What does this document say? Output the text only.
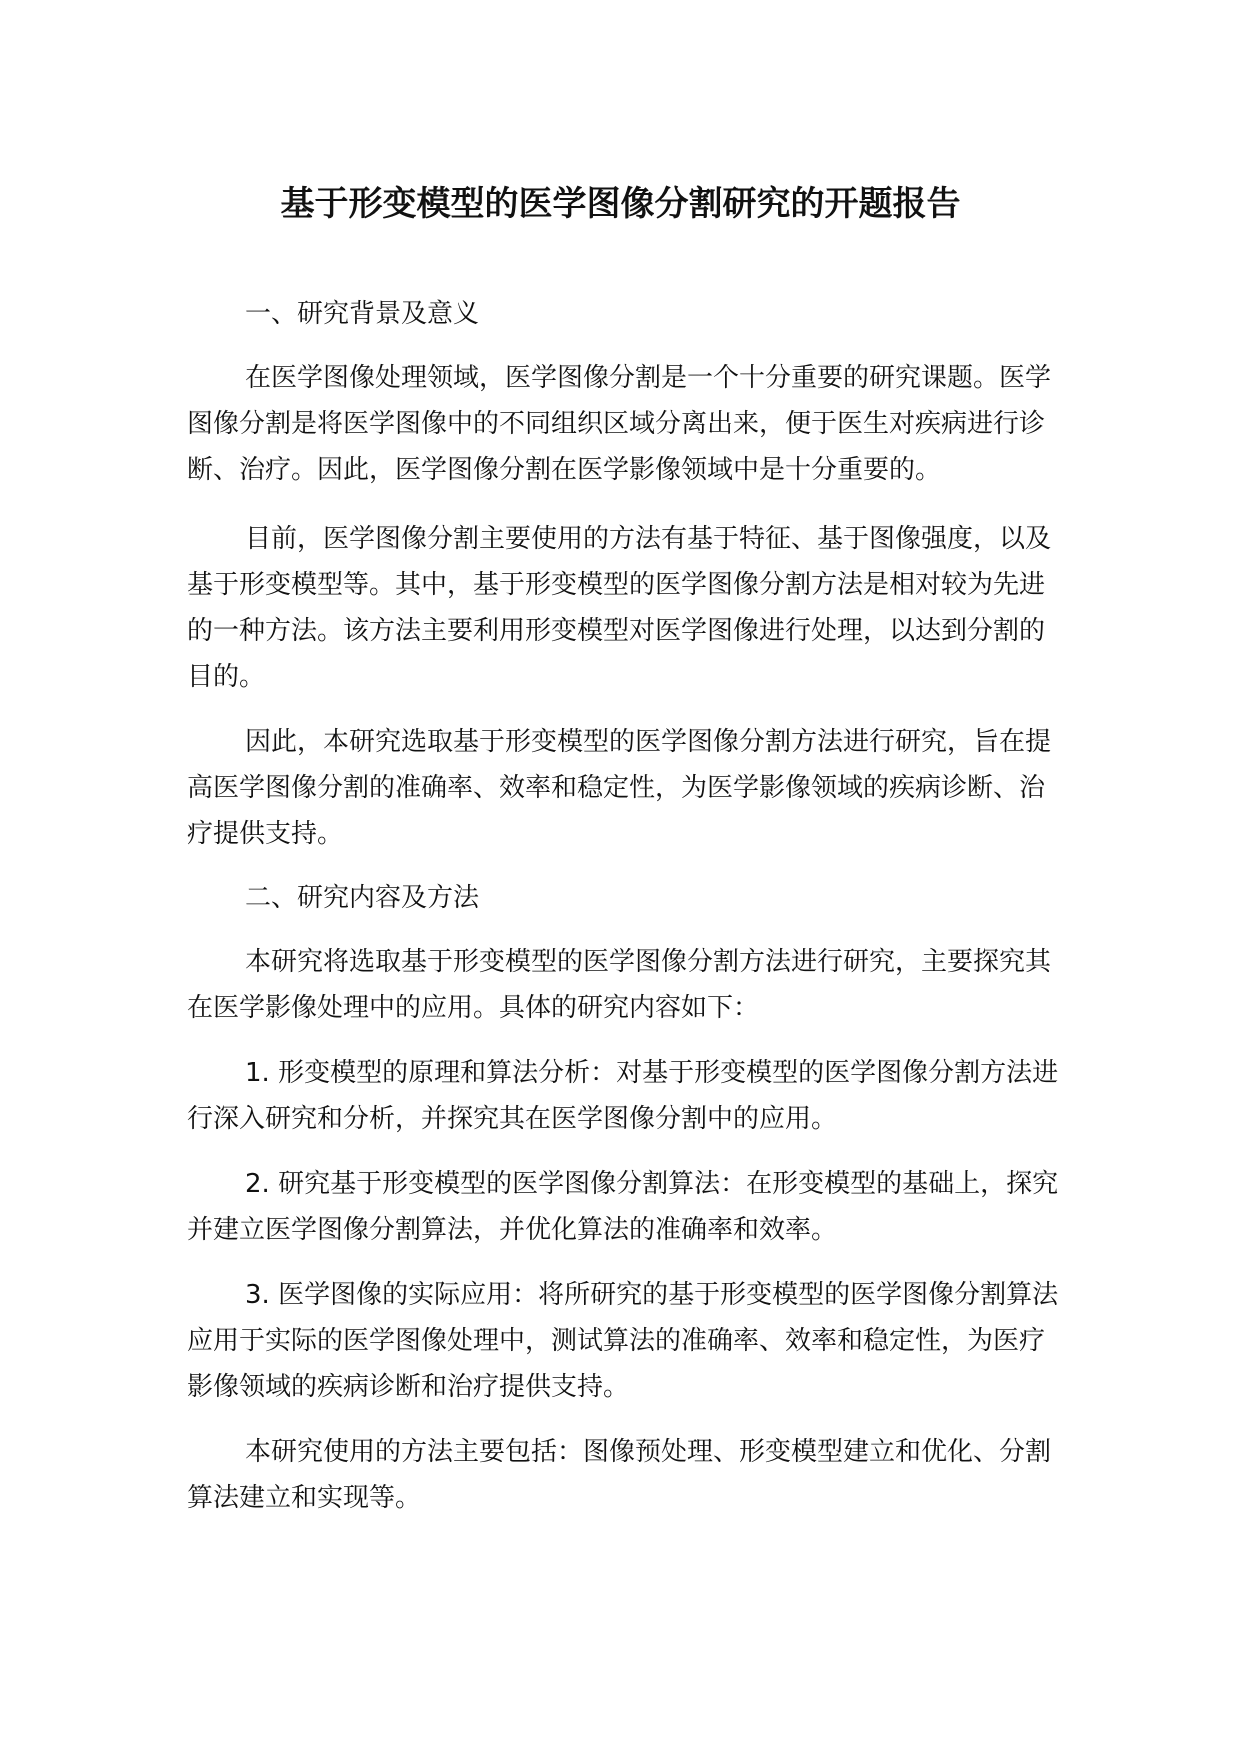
基于形变模型的医学图像分割研究的开题报告

一、研究背景及意义

在医学图像处理领域，医学图像分割是一个十分重要的研究课题。医学图像分割是将医学图像中的不同组织区域分离出来，便于医生对疾病进行诊断、治疗。因此，医学图像分割在医学影像领域中是十分重要的。

目前，医学图像分割主要使用的方法有基于特征、基于图像强度，以及基于形变模型等。其中，基于形变模型的医学图像分割方法是相对较为先进的一种方法。该方法主要利用形变模型对医学图像进行处理，以达到分割的目的。

因此，本研究选取基于形变模型的医学图像分割方法进行研究，旨在提高医学图像分割的准确率、效率和稳定性，为医学影像领域的疾病诊断、治疗提供支持。

二、研究内容及方法

本研究将选取基于形变模型的医学图像分割方法进行研究，主要探究其在医学影像处理中的应用。具体的研究内容如下：

1. 形变模型的原理和算法分析：对基于形变模型的医学图像分割方法进行深入研究和分析，并探究其在医学图像分割中的应用。

2. 研究基于形变模型的医学图像分割算法：在形变模型的基础上，探究并建立医学图像分割算法，并优化算法的准确率和效率。

3. 医学图像的实际应用：将所研究的基于形变模型的医学图像分割算法应用于实际的医学图像处理中，测试算法的准确率、效率和稳定性，为医疗影像领域的疾病诊断和治疗提供支持。

本研究使用的方法主要包括：图像预处理、形变模型建立和优化、分割算法建立和实现等。
